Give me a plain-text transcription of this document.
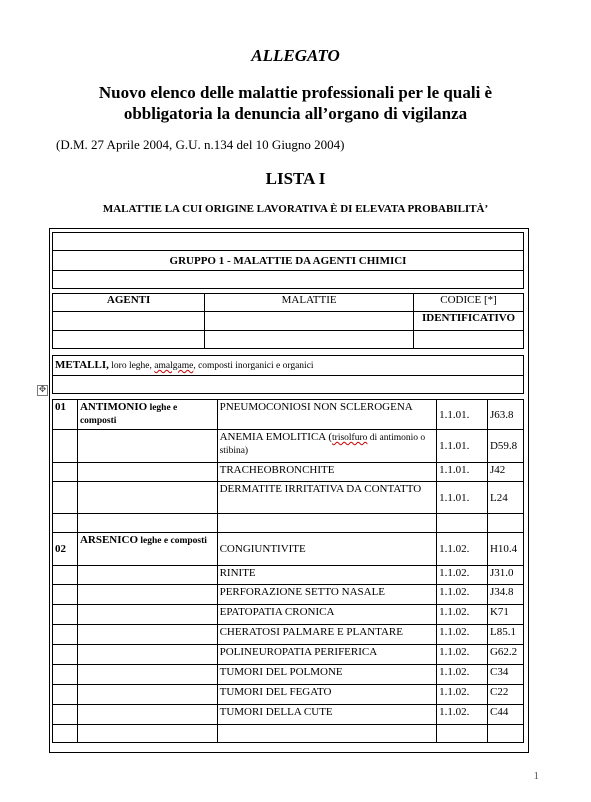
ALLEGATO
Nuovo elenco delle malattie professionali per le quali è
obbligatoria la denuncia all’organo di vigilanza
(D.M. 27 Aprile 2004, G.U. n.134 del 10 Giugno 2004)
LISTA I
MALATTIE LA CUI ORIGINE LAVORATIVA È DI ELEVATA PROBABILITÀ’

GRUPPO 1 - MALATTIE DA AGENTI CHIMICI

AGENTI	MALATTIE	CODICE [*]
		IDENTIFICATIVO

METALLI, loro leghe, amalgame, composti inorganici e organici

✥
01	ANTIMONIO leghe e composti	PNEUMOCONIOSI NON SCLEROGENA	1.1.01.	J63.8
		ANEMIA EMOLITICA (trisolfuro di antimonio o stibina)	1.1.01.	D59.8
		TRACHEOBRONCHITE	1.1.01.	J42
		DERMATITE IRRITATIVA DA CONTATTO	1.1.01.	L24

02	ARSENICO leghe e composti	CONGIUNTIVITE	1.1.02.	H10.4
		RINITE	1.1.02.	J31.0
		PERFORAZIONE SETTO NASALE	1.1.02.	J34.8
		EPATOPATIA CRONICA	1.1.02.	K71
		CHERATOSI PALMARE E PLANTARE	1.1.02.	L85.1
		POLINEUROPATIA PERIFERICA	1.1.02.	G62.2
		TUMORI DEL POLMONE	1.1.02.	C34
		TUMORI DEL FEGATO	1.1.02.	C22
		TUMORI DELLA CUTE	1.1.02.	C44

1
